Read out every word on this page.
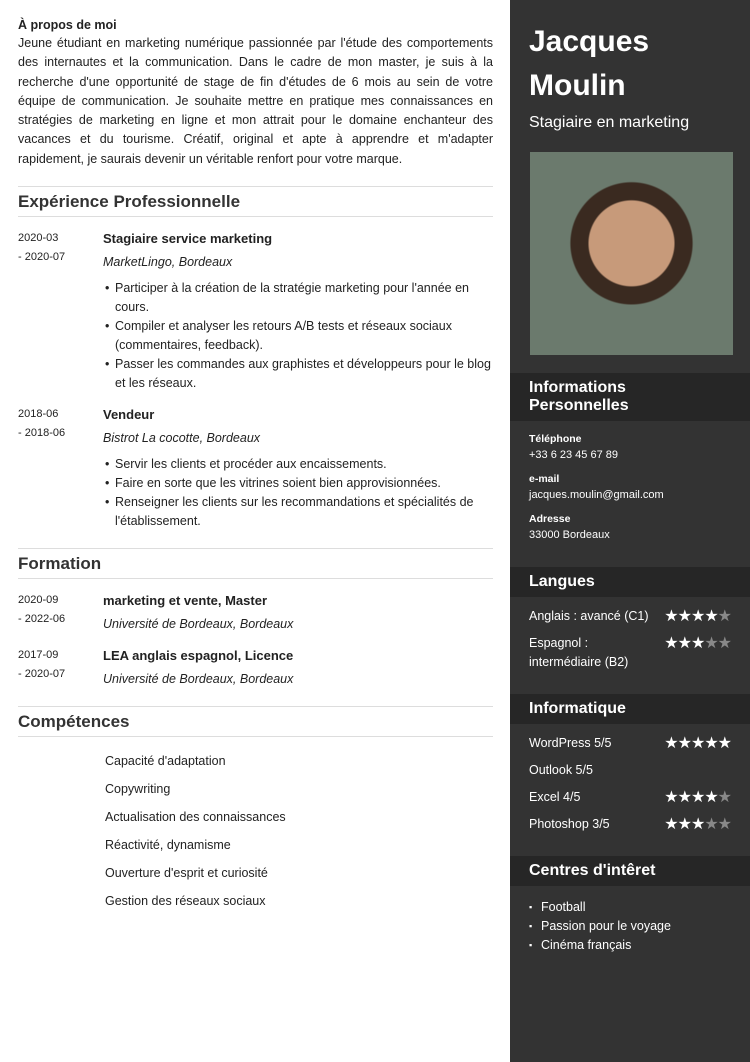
À propos de moi
Jeune étudiant en marketing numérique passionnée par l'étude des comportements des internautes et la communication. Dans le cadre de mon master, je suis à la recherche d'une opportunité de stage de fin d'études de 6 mois au sein de votre équipe de communication. Je souhaite mettre en pratique mes connaissances en stratégies de marketing en ligne et mon attrait pour le domaine enchanteur des vacances et du tourisme. Créatif, original et apte à apprendre et m'adapter rapidement, je saurais devenir un véritable renfort pour votre marque.
Expérience Professionnelle
2020-03
- 2020-07
Stagiaire service marketing
MarketLingo, Bordeaux
• Participer à la création de la stratégie marketing pour l'année en cours.
• Compiler et analyser les retours A/B tests et réseaux sociaux (commentaires, feedback).
• Passer les commandes aux graphistes et développeurs pour le blog et les réseaux.
2018-06
- 2018-06
Vendeur
Bistrot La cocotte, Bordeaux
• Servir les clients et procéder aux encaissements.
• Faire en sorte que les vitrines soient bien approvisionnées.
• Renseigner les clients sur les recommandations et spécialités de l'établissement.
Formation
2020-09
- 2022-06
marketing et vente, Master
Université de Bordeaux, Bordeaux
2017-09
- 2020-07
LEA anglais espagnol, Licence
Université de Bordeaux, Bordeaux
Compétences
Capacité d'adaptation
Copywriting
Actualisation des connaissances
Réactivité, dynamisme
Ouverture d'esprit et curiosité
Gestion des réseaux sociaux
Jacques
Moulin
Stagiaire en marketing
Informations Personnelles
Téléphone
+33 6 23 45 67 89
e-mail
jacques.moulin@gmail.com
Adresse
33000 Bordeaux
Langues
Anglais : avancé (C1) ★★★★★
Espagnol : intermédiaire (B2)
★★★★★
Informatique
WordPress 5/5	★★★★★
Outlook 5/5
Excel 4/5	★★★★★
Photoshop 3/5	★★★★★
Centres d'intêret
▪ Football
▪ Passion pour le voyage
▪ Cinéma français
